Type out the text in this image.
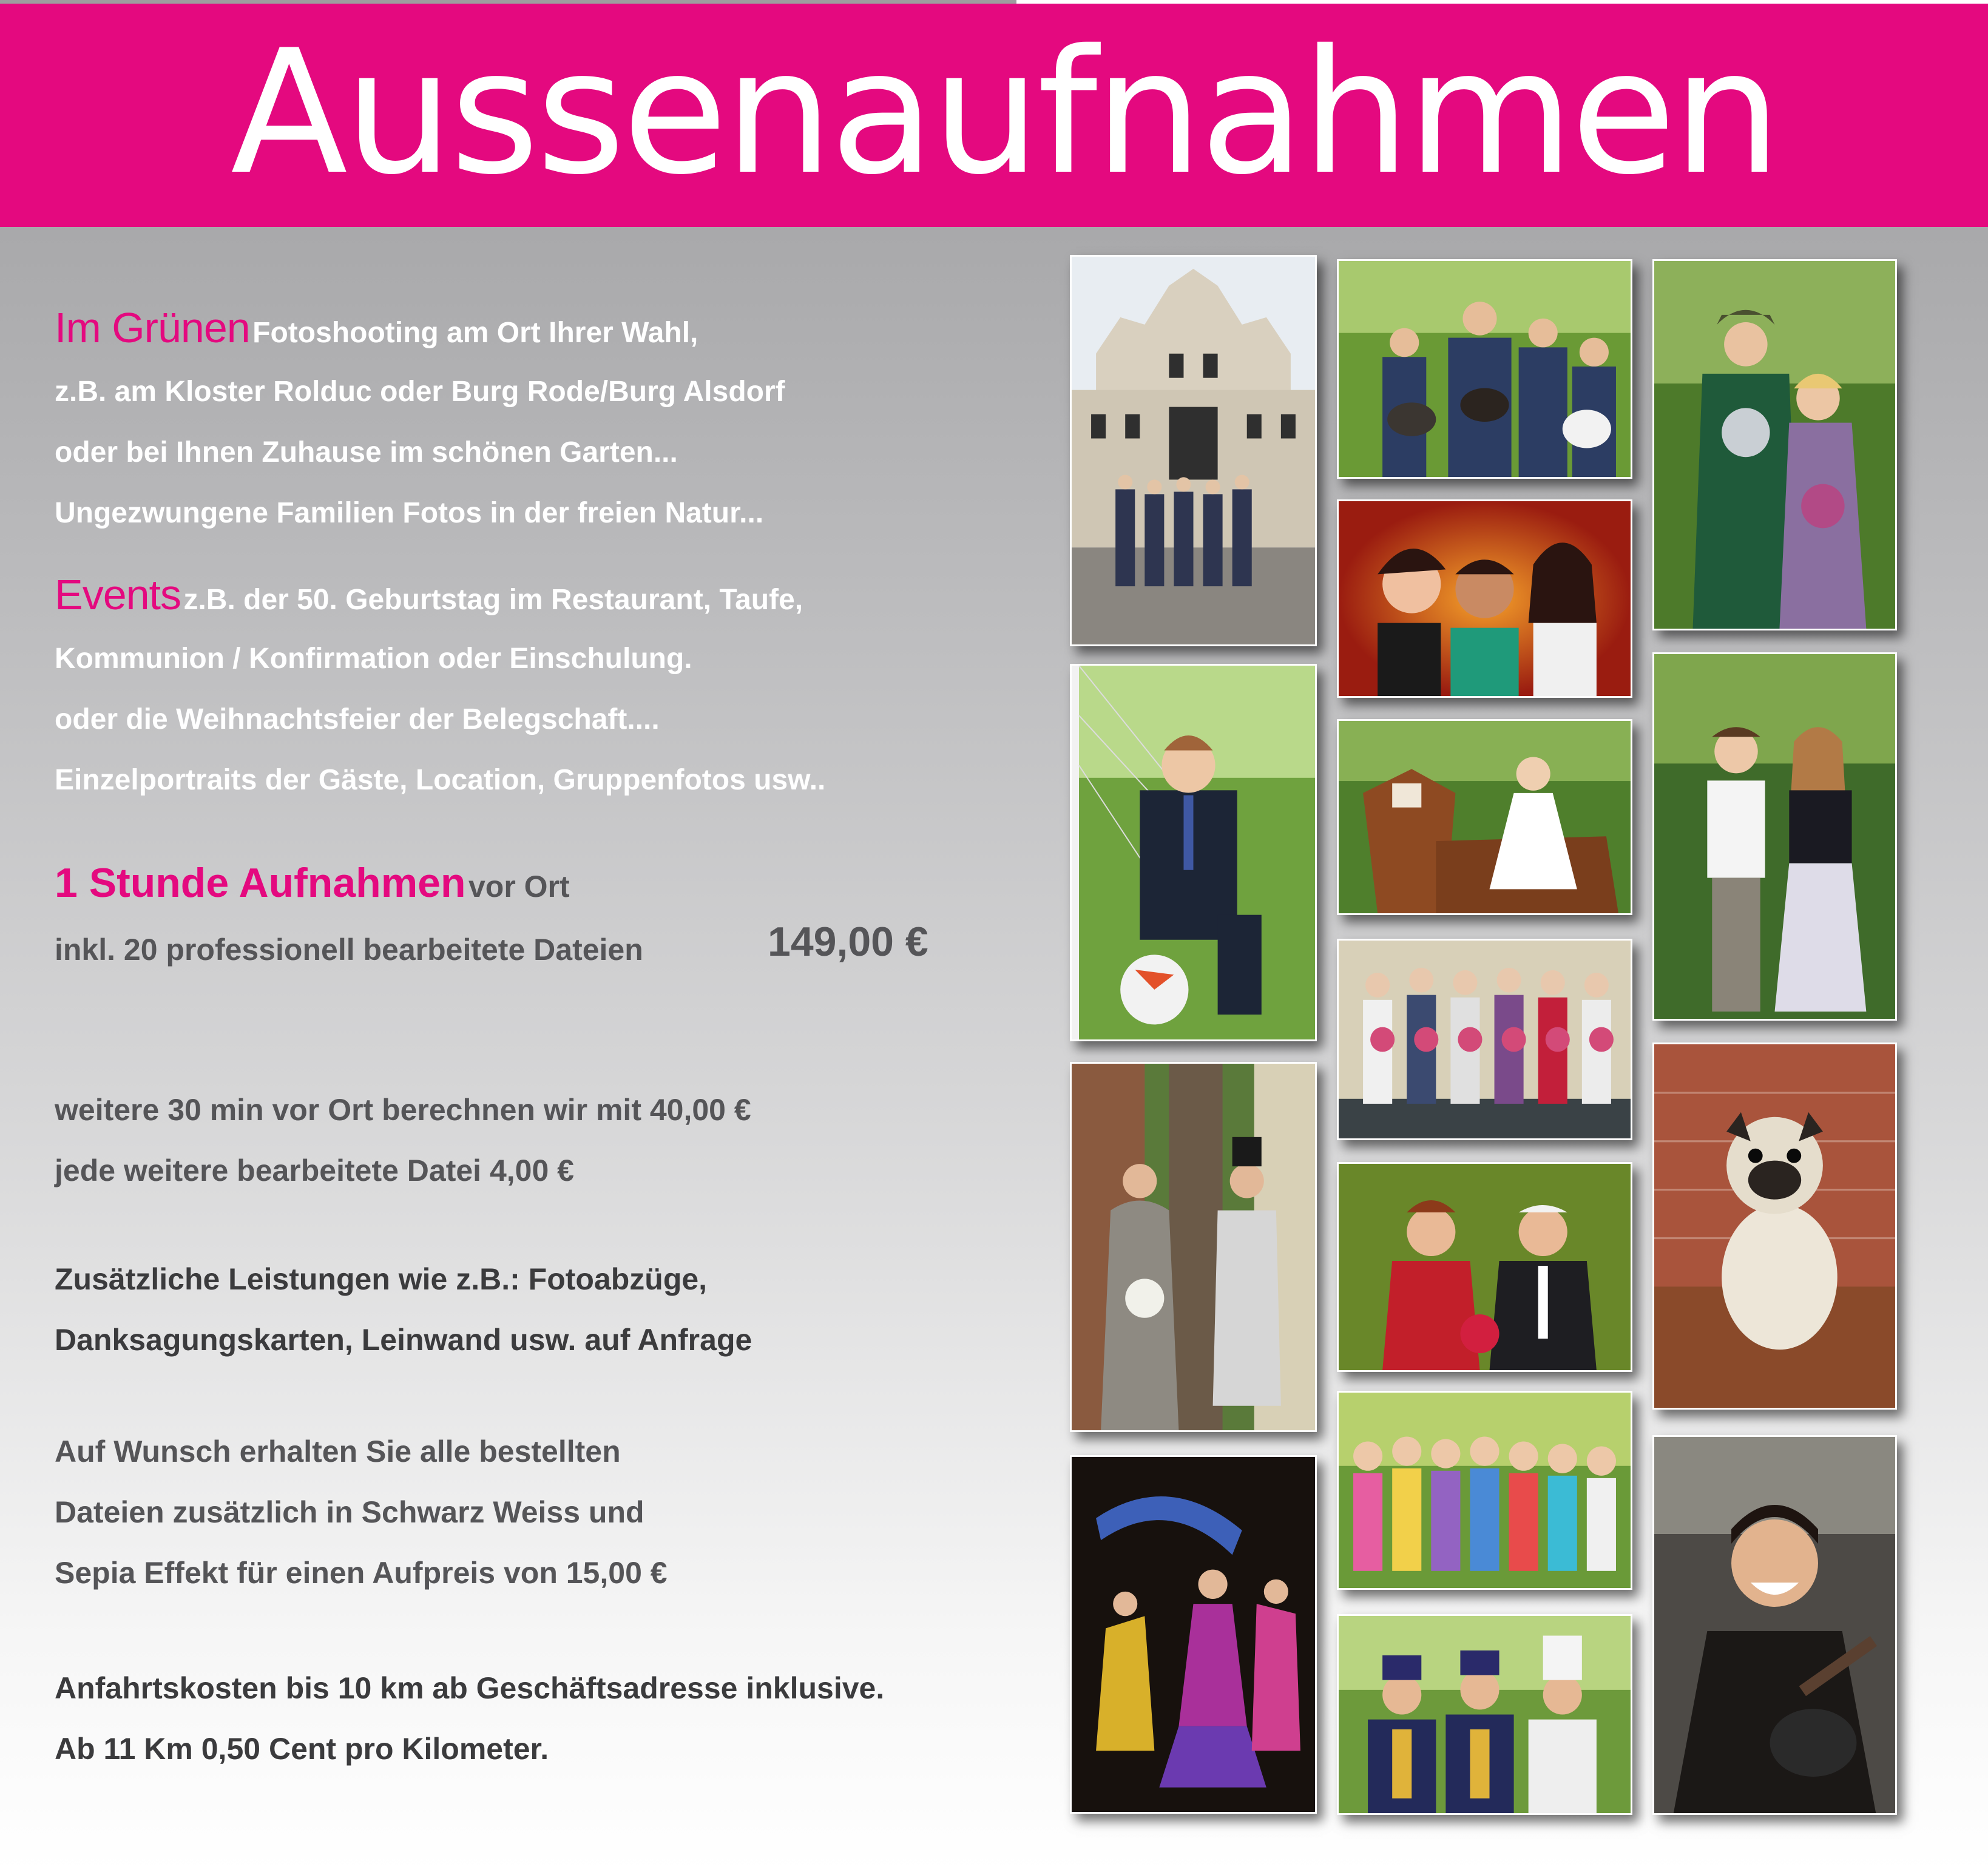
Aussenaufnahmen

Im Grünen Fotoshooting am Ort Ihrer Wahl,

z.B. am Kloster Rolduc oder Burg Rode/Burg Alsdorf

oder bei Ihnen Zuhause im schönen Garten...

Ungezwungene Familien Fotos in der freien Natur...

Events z.B. der 50. Geburtstag im Restaurant, Taufe,

Kommunion / Konfirmation oder Einschulung.

oder die Weihnachtsfeier der Belegschaft....

Einzelportraits der Gäste, Location, Gruppenfotos usw..

1 Stunde Aufnahmen vor Ort

inkl. 20 professionell bearbeitete Dateien	149,00 €

weitere 30 min vor Ort berechnen wir mit 40,00 €

jede weitere bearbeitete Datei 4,00 €

Zusätzliche Leistungen wie z.B.: Fotoabzüge,

Danksagungskarten, Leinwand usw. auf Anfrage

Auf Wunsch erhalten Sie alle bestellten

Dateien zusätzlich in Schwarz Weiss und

Sepia Effekt für einen Aufpreis von 15,00 €

Anfahrtskosten bis 10 km ab Geschäftsadresse inklusive.

Ab 11 Km 0,50 Cent pro Kilometer.
